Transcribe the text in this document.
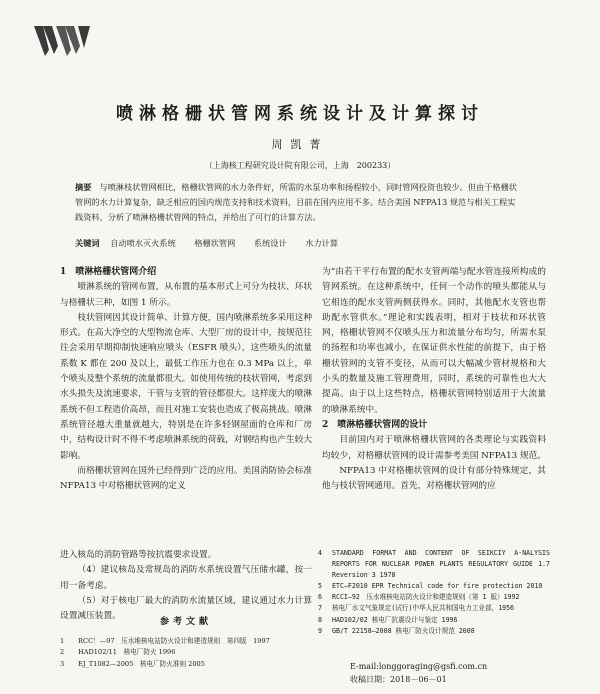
喷淋格栅状管网系统设计及计算探讨
周凯菁
（上海核工程研究设计院有限公司，上海　200233）
摘要 与喷淋枝状管网相比，格栅状管网的水力条件好，所需的水泵功率和扬程较小，同时管网投资也较少。但由于格栅状管网的水力计算复杂，缺乏相应的国内规范支持和技术资料，目前在国内应用不多。结合美国 NFPA13 规范与相关工程实践资料，分析了喷淋格栅状管网的特点，并给出了可行的计算方法。
关键词 自动喷水灭火系统 格栅状管网 系统设计 水力计算
1　喷淋格栅状管网介绍

喷淋系统的管网布置，从布置的基本形式上可分为枝状、环状与格栅状三种，如图 1 所示。

枝状管网因其设计简单、计算方便，国内喷淋系统多采用这种形式。在高大净空的大型物流仓库、大型厂房的设计中，按规范往往会采用早期抑制快速响应喷头（ESFR 喷头），这些喷头的流量系数 K 都在 200 及以上，最低工作压力也在 0.3 MPa 以上，单个喷头及整个系统的流量都很大。如使用传统的枝状管网，考虑到水头损失及流速要求，干管与支管的管径都很大。这样庞大的喷淋系统不但工程造价高昂，而且对施工安装也造成了极高挑战。喷淋系统管径越大重量就越大，特别是在许多轻钢屋面的仓库和厂房中，结构设计时不得不考虑喷淋系统的荷载，对钢结构也产生较大影响。

而格栅状管网在国外已经得到广泛的应用。美国消防协会标准 NFPA13 中对格栅状管网的定义

为“由若干平行布置的配水支管两端与配水管连接所构成的管网系统。在这种系统中，任何一个动作的喷头都能从与它相连的配水支管两侧获得水。同时，其他配水支管也帮助配水管供水。”理论和实践表明，相对于枝状和环状管网，格栅状管网不仅喷头压力和流量分布均匀，所需水泵的扬程和功率也减小，在保证供水性能的前提下，由于格栅状管网的支管不变径，从而可以大幅减少管材规格和大小头的数量及施工管理费用，同时，系统的可靠性也大大提高。由于以上这些特点，格栅状管网特别适用于大流量的喷淋系统中。

2　喷淋格栅状管网的设计

目前国内对于喷淋格栅状管网的各类理论与实践资料均较少，对格栅状管网的设计需参考美国 NFPA13 规范。

NFPA13 中对格栅状管网的设计有部分特殊规定，其他与枝状管网通用。首先，对格栅状管网的应

进入核岛的消防管路等按抗震要求设置。

（4）建议核岛及常规岛的消防水系统设置气压储水罐，按一用一备考虑。

（5）对于核电厂最大的消防水流量区域，建议通过水力计算设置减压装置。

参考文献
1	RCC！—97　压水堆核电站防火设计和建造规则　第四版　1997
2	HAD102/11　核电厂防火 1996
3	EJ_T1082—2005　核电厂防火准则 2005
4	STANDARD FORMAT AND CONTENT OF SEIKCIY A-NALYSIS REPORTS FOR NUCLEAR POWER PLANTS REGULATORY GUIDE 1.7 Reversion 3 1978
5	ETC—F2010 EPR Technical code for fire protection 2010
6	RCCI—92　压水堆核电站防火设计和建造规则（第 1 版）1992
7	核电厂水文气象规定(试行)中华人民共和国电力工业部，1956
8	HAD102/02 核电厂抗震设计与鉴定 1996
9	GB/T 22158—2008 核电厂防火设计规范 2008
E-mail:longgoraging@gsfi.com.cn
收稿日期：2018－06－01
